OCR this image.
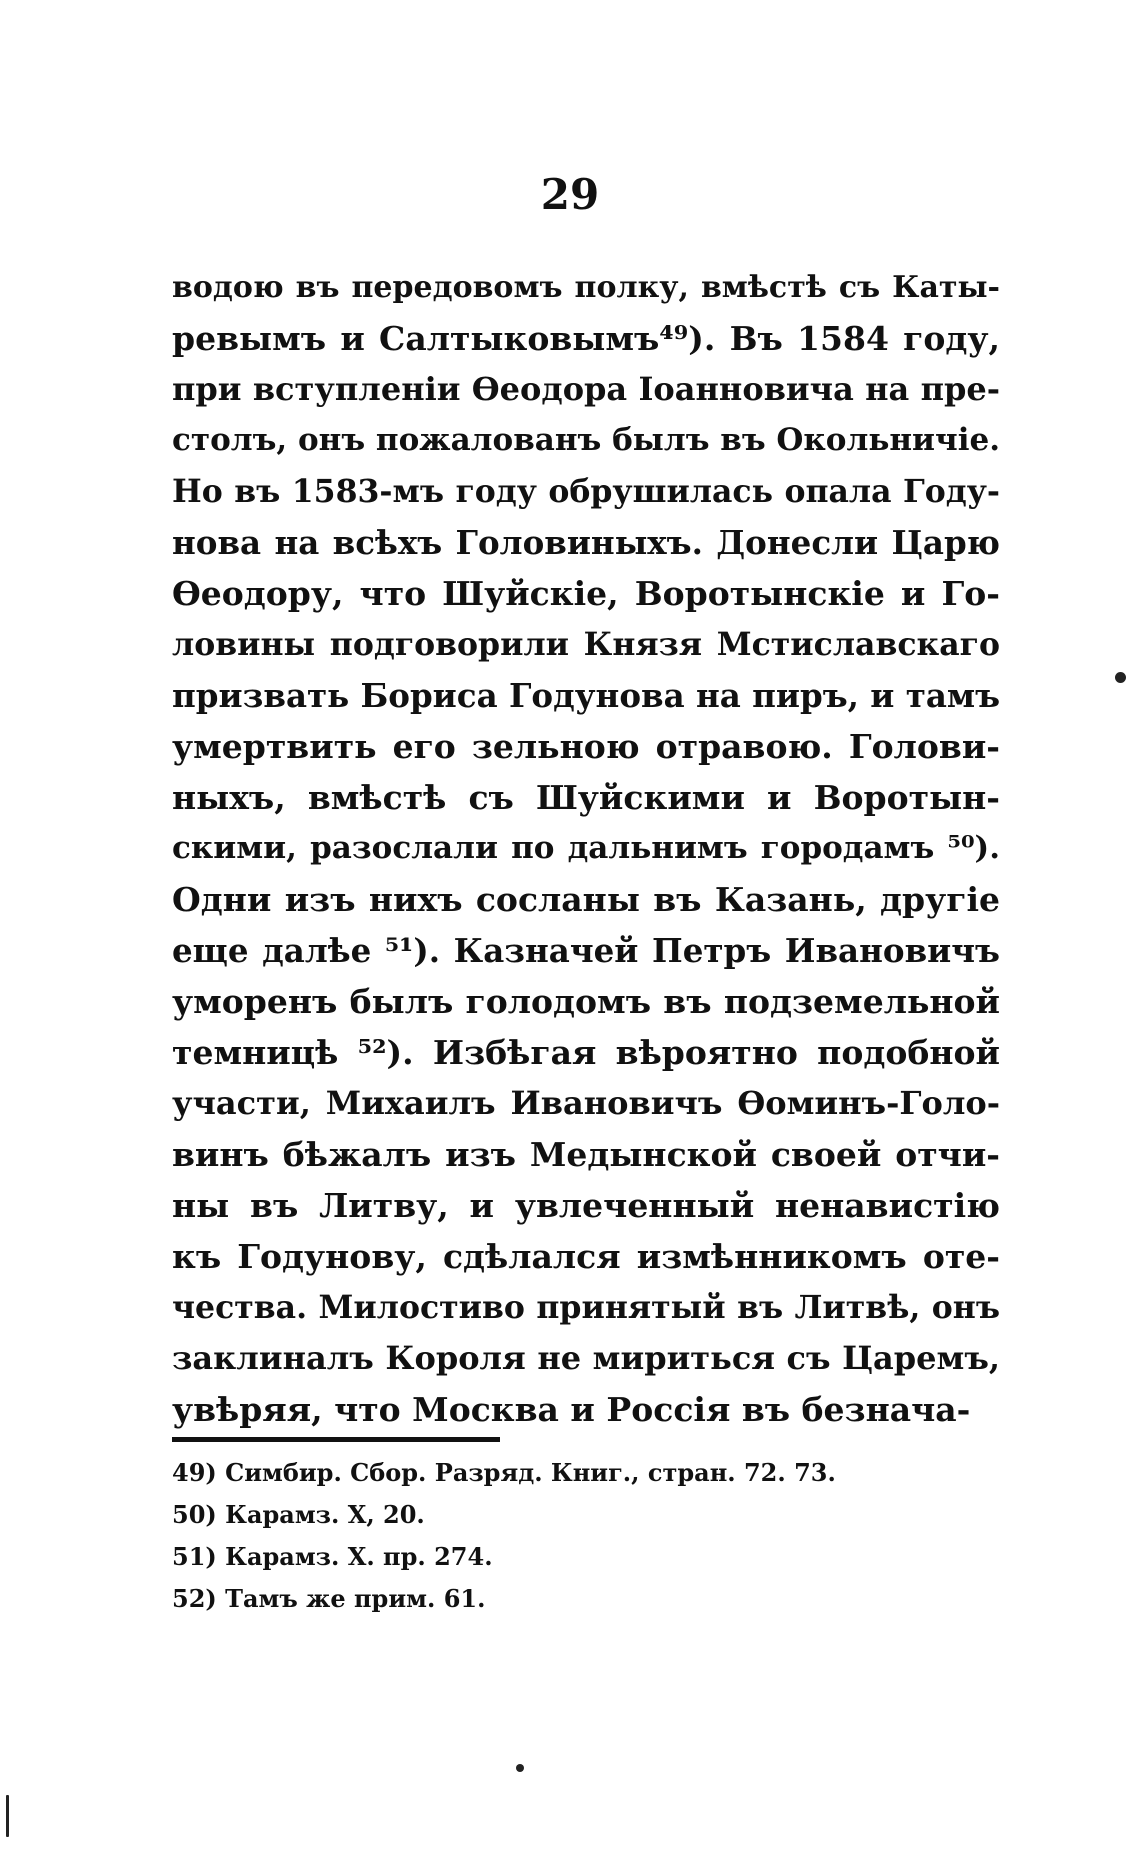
29
водою въ передовомъ полку, вмѣстѣ съ Каты-
ревымъ и Салтыковымъ⁴⁹). Въ 1584 году,
при вступленіи Ѳеодора Іоанновича на пре-
столъ, онъ пожалованъ былъ въ Окольничіе.
Но въ 1583-мъ году обрушилась опала Году-
нова на всѣхъ Головиныхъ. Донесли Царю
Ѳеодору, что Шуйскіе, Воротынскіе и Го-
ловины подговорили Князя Мстиславскаго
призвать Бориса Годунова на пиръ, и тамъ
умертвить его зельною отравою. Голови-
ныхъ, вмѣстѣ съ Шуйскими и Воротын-
скими, разослали по дальнимъ городамъ ⁵⁰).
Одни изъ нихъ сосланы въ Казань, другіе
еще далѣе ⁵¹). Казначей Петръ Ивановичъ
уморенъ былъ голодомъ въ подземельной
темницѣ ⁵²). Избѣгая вѣроятно подобной
участи, Михаилъ Ивановичъ Ѳоминъ-Голо-
винъ бѣжалъ изъ Медынской своей отчи-
ны въ Литву, и увлеченный ненавистію
къ Годунову, сдѣлался измѣнникомъ оте-
чества. Милостиво принятый въ Литвѣ, онъ
заклиналъ Короля не мириться съ Царемъ,
увѣряя, что Москва и Россія въ безнача-
49) Симбир. Сбор. Разряд. Книг., стран. 72. 73.
50) Карамз. X, 20.
51) Карамз. X. пр. 274.
52) Тамъ же прим. 61.
